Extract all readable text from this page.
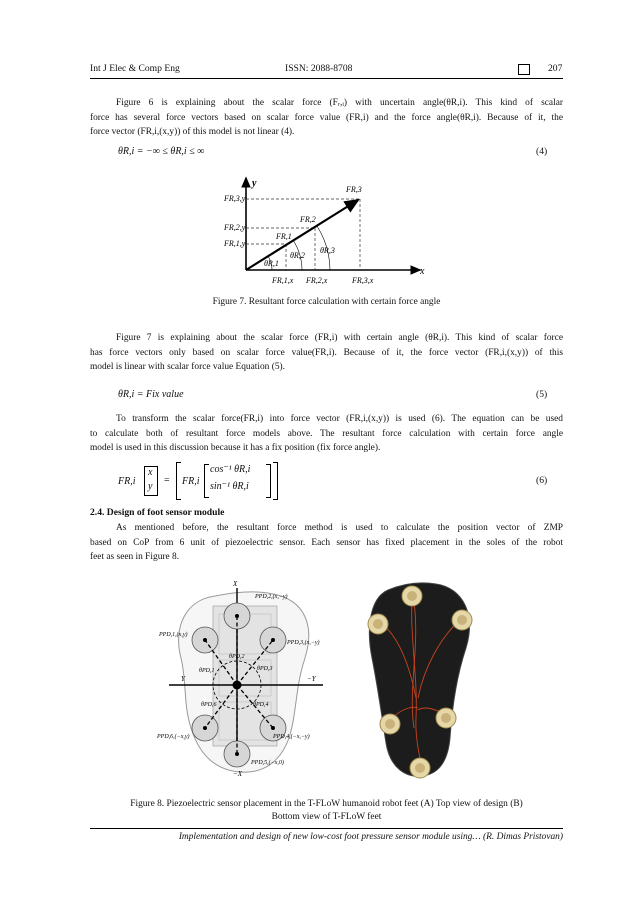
Int J Elec & Comp Eng	ISSN: 2088-8708	207
Figure 6 is explaining about the scalar force (Fᵣ,ᵢ) with uncertain angle(θR,i). This kind of scalar
force has several force vectors based on scalar force value (FR,i) and the force angle(θR,i). Because of it, the
force vector (FR,i,(x,y)) of this model is not linear (4).
θR,i = −∞ ≤ θR,i ≤ ∞	(4)
FR,3,y
FR,2,y
FR,1,y
y
x
FR,3
FR,2
FR,1
θR,1
θR,2
θR,3
FR,1,x FR,2,x	FR,3,x
Figure 7. Resultant force calculation with certain force angle
Figure 7 is explaining about the scalar force (FR,i) with certain angle (θR,i). This kind of scalar force
has force vectors only based on scalar force value(FR,i). Because of it, the force vector (FR,i,(x,y)) of this
model is linear with scalar force value Equation (5).
θR,i = Fix value	(5)
To transform the scalar force(FR,i) into force vector (FR,i,(x,y)) is used (6). The equation can be used
to calculate both of resultant force models above. The resultant force calculation with certain force angle
model is used in this discussion because it has a fix position (fix force angle).
FR,i
x
y
= FR,i
cos⁻¹ θR,i
sin⁻¹ θR,i
(6)
2.4. Design of foot sensor module
As mentioned before, the resultant force method is used to calculate the position vector of ZMP
based on CoP from 6 unit of piezoelectric sensor. Each sensor has fixed placement in the soles of the robot
feet as seen in Figure 8.
X
−X
Y	−Y
PPD,2,(x,−y)
PPD,1,(x,y)
PPD,3,(x,−y)
PPD,6,(−x,y)	PPD,4,(−x,−y)
PPD,5,(−x,0)
θPD,1
θPD,2
θPD,3
θPD,6	θPD,4
Figure 8. Piezoelectric sensor placement in the T-FLoW humanoid robot feet (A) Top view of design (B)
Bottom view of T-FLoW feet
Implementation and design of new low-cost foot pressure sensor module using… (R. Dimas Pristovan)
